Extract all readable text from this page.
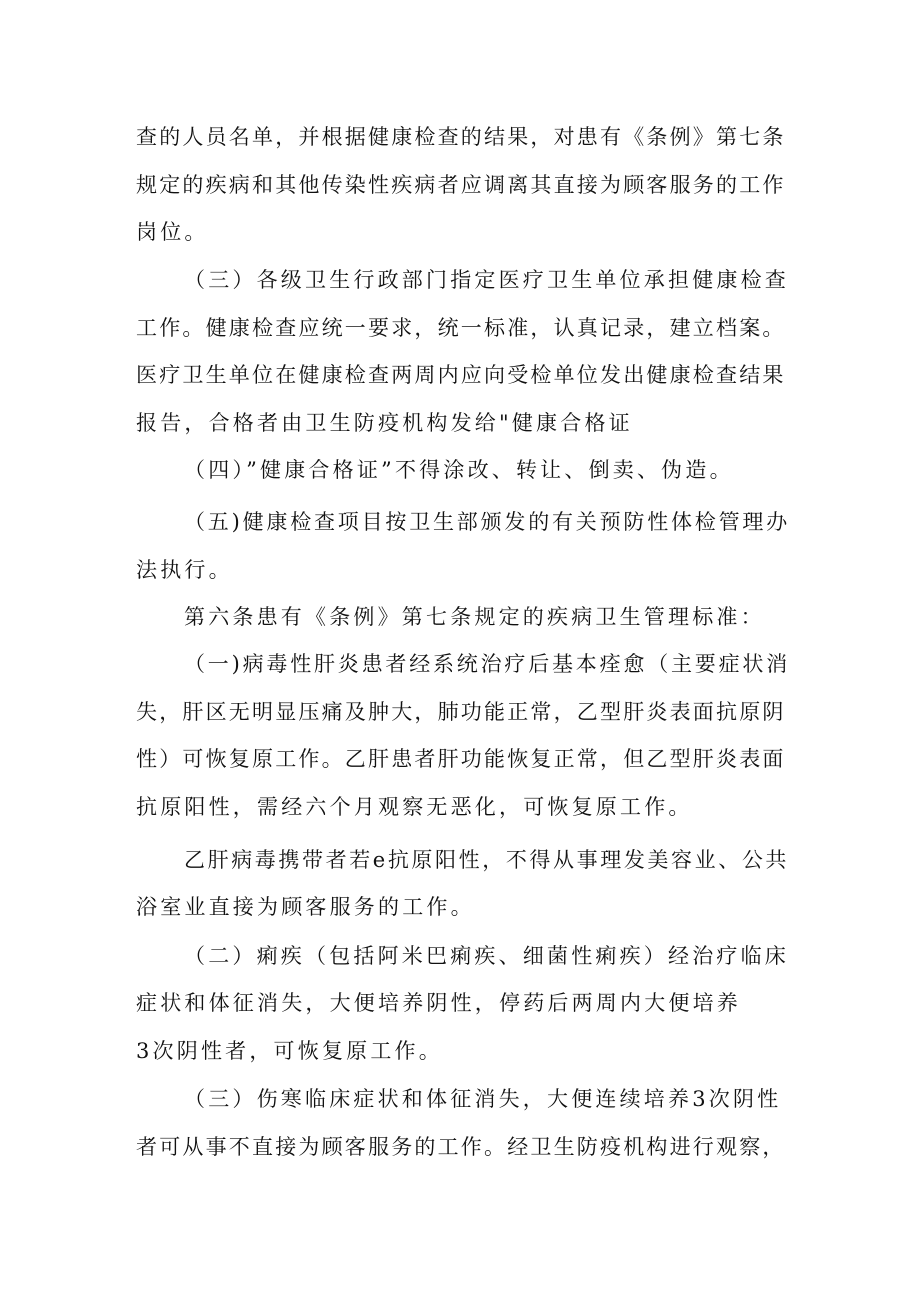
查的人员名单，并根据健康检查的结果，对患有《条例》第七条
规定的疾病和其他传染性疾病者应调离其直接为顾客服务的工作
岗位。
（三）各级卫生行政部门指定医疗卫生单位承担健康检查
工作。健康检查应统一要求，统一标准，认真记录，建立档案。
医疗卫生单位在健康检查两周内应向受检单位发出健康检查结果
报告，合格者由卫生防疫机构发给"健康合格证
（四）”健康合格证”不得涂改、转让、倒卖、伪造。
（五)健康检查项目按卫生部颁发的有关预防性体检管理办
法执行。
第六条患有《条例》第七条规定的疾病卫生管理标准：
（一)病毒性肝炎患者经系统治疗后基本痊愈（主要症状消
失，肝区无明显压痛及肿大，肺功能正常，乙型肝炎表面抗原阴
性）可恢复原工作。乙肝患者肝功能恢复正常，但乙型肝炎表面
抗原阳性，需经六个月观察无恶化，可恢复原工作。
乙肝病毒携带者若e抗原阳性，不得从事理发美容业、公共
浴室业直接为顾客服务的工作。
（二）痢疾（包括阿米巴痢疾、细菌性痢疾）经治疗临床
症状和体征消失，大便培养阴性，停药后两周内大便培养
3次阴性者，可恢复原工作。
（三）伤寒临床症状和体征消失，大便连续培养3次阴性
者可从事不直接为顾客服务的工作。经卫生防疫机构进行观察，
